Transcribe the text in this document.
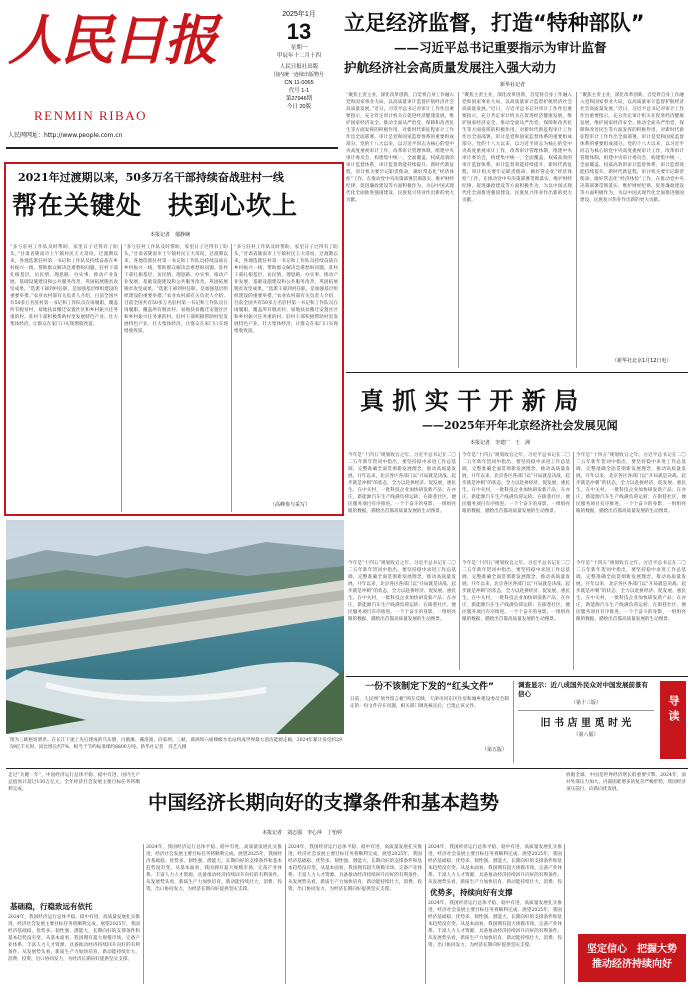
人民日报
RENMIN RIBAO
人民网网址：http://www.people.com.cn
2025年1月
13
星期一
甲辰年十二月十四
人民日报社出版
国内统一连续出版物号
CN 11-0065
代号 1-1
第27946期
今日 20版
立足经济监督，打造“特种部队”
——习近平总书记重要指示为审计监督
护航经济社会高质量发展注入强大动力
新华社记者
“聚焦主责主业，深化改革创新，自觉将自身工作融入党和国家事业大局，以高质量审计监督护航经济社会高质量发展。”近日，习近平总书记对审计工作作出重要指示，充分肯定审计机关在促进经济健康发展、维护国家经济安全、推动全面从严治党、保障和改善民生等方面发挥的积极作用，对新时代新征程审计工作作出全面部署。审计是党和国家监督体系的重要组成部分。党的十八大以来，以习近平同志为核心的党中央高度重视审计工作，改革审计管理体制，组建中央审计委员会，构建集中统一、全面覆盖、权威高效的审计监督体系，审计监督效能持续提升。新时代新征程，审计机关要牢记职责使命，做好常态化“经济体检”工作，在推动党中央决策部署贯彻落实、维护财经纪律、促进廉政建设等方面积极作为，为以中国式现代化全面推进强国建设、民族复兴伟业作出新的更大贡献。
“聚焦主责主业，深化改革创新，自觉将自身工作融入党和国家事业大局，以高质量审计监督护航经济社会高质量发展。”近日，习近平总书记对审计工作作出重要指示，充分肯定审计机关在促进经济健康发展、维护国家经济安全、推动全面从严治党、保障和改善民生等方面发挥的积极作用，对新时代新征程审计工作作出全面部署。审计是党和国家监督体系的重要组成部分。党的十八大以来，以习近平同志为核心的党中央高度重视审计工作，改革审计管理体制，组建中央审计委员会，构建集中统一、全面覆盖、权威高效的审计监督体系，审计监督效能持续提升。新时代新征程，审计机关要牢记职责使命，做好常态化“经济体检”工作，在推动党中央决策部署贯彻落实、维护财经纪律、促进廉政建设等方面积极作为，为以中国式现代化全面推进强国建设、民族复兴伟业作出新的更大贡献。
“聚焦主责主业，深化改革创新，自觉将自身工作融入党和国家事业大局，以高质量审计监督护航经济社会高质量发展。”近日，习近平总书记对审计工作作出重要指示，充分肯定审计机关在促进经济健康发展、维护国家经济安全、推动全面从严治党、保障和改善民生等方面发挥的积极作用，对新时代新征程审计工作作出全面部署。审计是党和国家监督体系的重要组成部分。党的十八大以来，以习近平同志为核心的党中央高度重视审计工作，改革审计管理体制，组建中央审计委员会，构建集中统一、全面覆盖、权威高效的审计监督体系，审计监督效能持续提升。新时代新征程，审计机关要牢记职责使命，做好常态化“经济体检”工作，在推动党中央决策部署贯彻落实、维护财经纪律、促进廉政建设等方面积极作为，为以中国式现代化全面推进强国建设、民族复兴伟业作出新的更大贡献。
（新华社北京1月12日电）
2021年过渡期以来，50多万名干部持续奋战驻村一线
帮在关键处　扶到心坎上
本报记者　郁静娴
“多亏驻村工作队及时帮助，家里日子过得有了盼头。”甘肃省陇南市上午镇村民王大哥说。过渡期以来，各地选派驻村第一书记和工作队员持续奋战在乡村振兴一线，帮助群众解决急难愁盼问题。驻村干部扎根基层，访民情、理思路、办实事，推动产业发展、基础设施建设和公共服务改善，巩固拓展脱贫攻坚成果。“选派干部到村任职，是加强基层组织建设的重要举措。”农业农村部有关负责人介绍，目前全国共有50多万名驻村第一书记和工作队员在岗履职，覆盖所有脱贫村、易地扶贫搬迁安置社区和乡村振兴任务重的村。驻村干部积极帮助村里发展特色产业、壮大集体经济，让群众在家门口实现增收致富。
“多亏驻村工作队及时帮助，家里日子过得有了盼头。”甘肃省陇南市上午镇村民王大哥说。过渡期以来，各地选派驻村第一书记和工作队员持续奋战在乡村振兴一线，帮助群众解决急难愁盼问题。驻村干部扎根基层，访民情、理思路、办实事，推动产业发展、基础设施建设和公共服务改善，巩固拓展脱贫攻坚成果。“选派干部到村任职，是加强基层组织建设的重要举措。”农业农村部有关负责人介绍，目前全国共有50多万名驻村第一书记和工作队员在岗履职，覆盖所有脱贫村、易地扶贫搬迁安置社区和乡村振兴任务重的村。驻村干部积极帮助村里发展特色产业、壮大集体经济，让群众在家门口实现增收致富。
“多亏驻村工作队及时帮助，家里日子过得有了盼头。”甘肃省陇南市上午镇村民王大哥说。过渡期以来，各地选派驻村第一书记和工作队员持续奋战在乡村振兴一线，帮助群众解决急难愁盼问题。驻村干部扎根基层，访民情、理思路、办实事，推动产业发展、基础设施建设和公共服务改善，巩固拓展脱贫攻坚成果。“选派干部到村任职，是加强基层组织建设的重要举措。”农业农村部有关负责人介绍，目前全国共有50多万名驻村第一书记和工作队员在岗履职，覆盖所有脱贫村、易地扶贫搬迁安置社区和乡村振兴任务重的村。驻村干部积极帮助村里发展特色产业、壮大集体经济，让群众在家门口实现增收致富。
（高峰参与采写）
真 抓 实 干 开 新 局
——2025年开年北京经济社会发展见闻
本报记者　李建广　王　洲
今年是“十四五”规划收官之年。习近平总书记在二〇二五年新年贺词中指出，要坚持稳中求进工作总基调，完整准确全面贯彻新发展理念，推动高质量发展。开年以来，北京各区各部门以“开局就是决战、起步就是冲刺”的状态，全力以赴拼经济、促发展、惠民生。在中关村，一批科技企业加快研发新产品；在亦庄，新能源汽车生产线满负荷运转；在街巷社区，便民服务项目有序推进。一个个奋斗的身影，一组组亮眼的数据，描绘出首都高质量发展的生动图景。
今年是“十四五”规划收官之年。习近平总书记在二〇二五年新年贺词中指出，要坚持稳中求进工作总基调，完整准确全面贯彻新发展理念，推动高质量发展。开年以来，北京各区各部门以“开局就是决战、起步就是冲刺”的状态，全力以赴拼经济、促发展、惠民生。在中关村，一批科技企业加快研发新产品；在亦庄，新能源汽车生产线满负荷运转；在街巷社区，便民服务项目有序推进。一个个奋斗的身影，一组组亮眼的数据，描绘出首都高质量发展的生动图景。
今年是“十四五”规划收官之年。习近平总书记在二〇二五年新年贺词中指出，要坚持稳中求进工作总基调，完整准确全面贯彻新发展理念，推动高质量发展。开年以来，北京各区各部门以“开局就是决战、起步就是冲刺”的状态，全力以赴拼经济、促发展、惠民生。在中关村，一批科技企业加快研发新产品；在亦庄，新能源汽车生产线满负荷运转；在街巷社区，便民服务项目有序推进。一个个奋斗的身影，一组组亮眼的数据，描绘出首都高质量发展的生动图景。
图为三峡枢纽泄洪。在长江干流上先后建成的乌东德、白鹤滩、溪洛渡、向家坝、三峡、葛洲坝六座梯级水电站构成世界最大清洁能源走廊，2024年累计发电约2959亿千瓦时，同比增长约7%，相当于节约标准煤约8800万吨。新华社记者　肖艺九摄
今年是“十四五”规划收官之年。习近平总书记在二〇二五年新年贺词中指出，要坚持稳中求进工作总基调，完整准确全面贯彻新发展理念，推动高质量发展。开年以来，北京各区各部门以“开局就是决战、起步就是冲刺”的状态，全力以赴拼经济、促发展、惠民生。在中关村，一批科技企业加快研发新产品；在亦庄，新能源汽车生产线满负荷运转；在街巷社区，便民服务项目有序推进。一个个奋斗的身影，一组组亮眼的数据，描绘出首都高质量发展的生动图景。
今年是“十四五”规划收官之年。习近平总书记在二〇二五年新年贺词中指出，要坚持稳中求进工作总基调，完整准确全面贯彻新发展理念，推动高质量发展。开年以来，北京各区各部门以“开局就是决战、起步就是冲刺”的状态，全力以赴拼经济、促发展、惠民生。在中关村，一批科技企业加快研发新产品；在亦庄，新能源汽车生产线满负荷运转；在街巷社区，便民服务项目有序推进。一个个奋斗的身影，一组组亮眼的数据，描绘出首都高质量发展的生动图景。
今年是“十四五”规划收官之年。习近平总书记在二〇二五年新年贺词中指出，要坚持稳中求进工作总基调，完整准确全面贯彻新发展理念，推动高质量发展。开年以来，北京各区各部门以“开局就是决战、起步就是冲刺”的状态，全力以赴拼经济、促发展、惠民生。在中关村，一批科技企业加快研发新产品；在亦庄，新能源汽车生产线满负荷运转；在街巷社区，便民服务项目有序推进。一个个奋斗的身影，一组组亮眼的数据，描绘出首都高质量发展的生动图景。
一份不该制定下发的“红头文件”
日前，人民网“领导留言板”网友反映，天津市河东区住房和城乡建设委员会制定的一份文件存在问题，相关部门调查核实后，已废止该文件。
（第五版）
调查显示：近八成国外民众对中国发展前景有信心
（第十三版）
旧 书 店 里 觅 时 光
（第八版）
导读
走过“关键一年”，中国经济运行总体平稳、稳中有进，国内生产总值预计超过130万亿元，全年经济社会发展主要目标任务将顺利完成。
中国经济长期向好的支撑条件和基本趋势
本报记者　刘志强　李心萍　丁怡婷
放眼全球，中国是世界经济增长的重要引擎。2024年，面对外部压力加大、内部困难增多的复杂严峻形势，我国经济顶压前行、向新向优发展。
基础稳，行稳致远有依托
2024年，我国经济运行总体平稳、稳中有进，高质量发展扎实推进，经济社会发展主要目标任务将顺利完成。展望2025年，我国经济基础稳、优势多、韧性强、潜能大，长期向好的支撑条件和基本趋势没有变。从基本面看，我国拥有超大规模市场、完备产业体系、丰富人力人才资源，具备推动经济持续回升向好的有利条件。从发展势头看，新质生产力加快培育，新动能持续壮大，消费、投资、出口协同发力，为经济长期向好提供坚实支撑。
2024年，我国经济运行总体平稳、稳中有进，高质量发展扎实推进，经济社会发展主要目标任务将顺利完成。展望2025年，我国经济基础稳、优势多、韧性强、潜能大，长期向好的支撑条件和基本趋势没有变。从基本面看，我国拥有超大规模市场、完备产业体系、丰富人力人才资源，具备推动经济持续回升向好的有利条件。从发展势头看，新质生产力加快培育，新动能持续壮大，消费、投资、出口协同发力，为经济长期向好提供坚实支撑。
2024年，我国经济运行总体平稳、稳中有进，高质量发展扎实推进，经济社会发展主要目标任务将顺利完成。展望2025年，我国经济基础稳、优势多、韧性强、潜能大，长期向好的支撑条件和基本趋势没有变。从基本面看，我国拥有超大规模市场、完备产业体系、丰富人力人才资源，具备推动经济持续回升向好的有利条件。从发展势头看，新质生产力加快培育，新动能持续壮大，消费、投资、出口协同发力，为经济长期向好提供坚实支撑。	优势多，持续向好有支撑
2024年，我国经济运行总体平稳、稳中有进，高质量发展扎实推进，经济社会发展主要目标任务将顺利完成。展望2025年，我国经济基础稳、优势多、韧性强、潜能大，长期向好的支撑条件和基本趋势没有变。从基本面看，我国拥有超大规模市场、完备产业体系、丰富人力人才资源，具备推动经济持续回升向好的有利条件。从发展势头看，新质生产力加快培育，新动能持续壮大，消费、投
2024年，我国经济运行总体平稳、稳中有进，高质量发展扎实推进，经济社会发展主要目标任务将顺利完成。展望2025年，我国经济基础稳、优势多、韧性强、潜能大，长期向好的支撑条件和基本趋势没有变。从基本面看，我国拥有超大规模市场、完备产业体系、丰富人力人才资源，具备推动经济持续回升向好的有利条件。从发展势头看，新质生产力加快培育，新动能持续壮大，消费、投资、出口协同发力，为经济长期向好提供坚实支撑。	坚定信心　把握大势
推动经济持续向好
